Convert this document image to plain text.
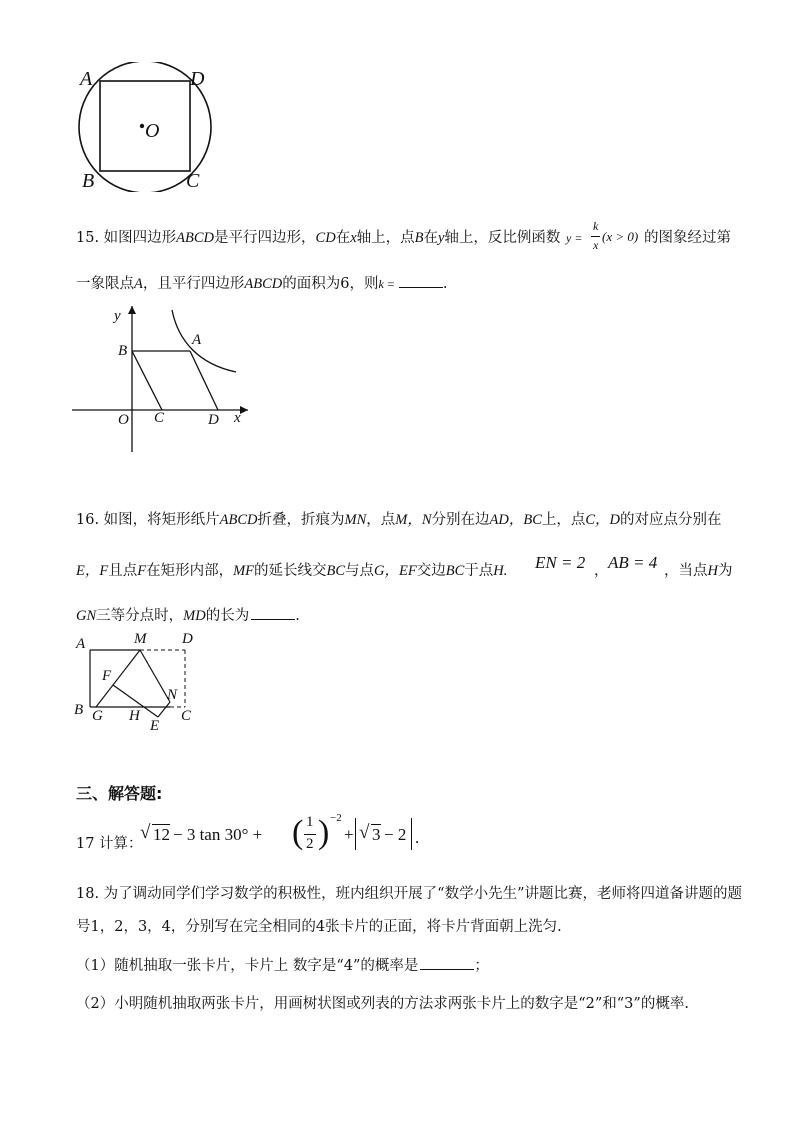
A	D
O
B	C
15. 如图四边形ABCD是平行四边形，CD在x轴上，点B在y轴上，反比例函数 y =
k
x
(x > 0) 的图象经过第
一象限点A，且平行四边形ABCD的面积为6，则k =	.
y
B
A
O C	D x
16. 如图，将矩形纸片ABCD折叠，折痕为MN，点M，N分别在边AD，BC上，点C，D的对应点分别在
E，F且点F在矩形内部，MF的延长线交BC与点G，EF交边BC于点H. EN = 2 ， AB = 4 ，当点H为
GN三等分点时，MD的长为	.
A	M D
F
N
B G H	C
E
三、解答题:
17 计算：
√ 12 − 3 tan 30° + ( 1
2 ) −2
+ √ 3 − 2 .
18. 为了调动同学们学习数学的积极性，班内组织开展了“数学小先生”讲题比赛，老师将四道备讲题的题
号1，2，3，4，分别写在完全相同的4张卡片的正面，将卡片背面朝上洗匀.
（1）随机抽取一张卡片，卡片上 数字是“4”的概率是	；
（2）小明随机抽取两张卡片，用画树状图或列表的方法求两张卡片上的数字是“2”和“3”的概率.
